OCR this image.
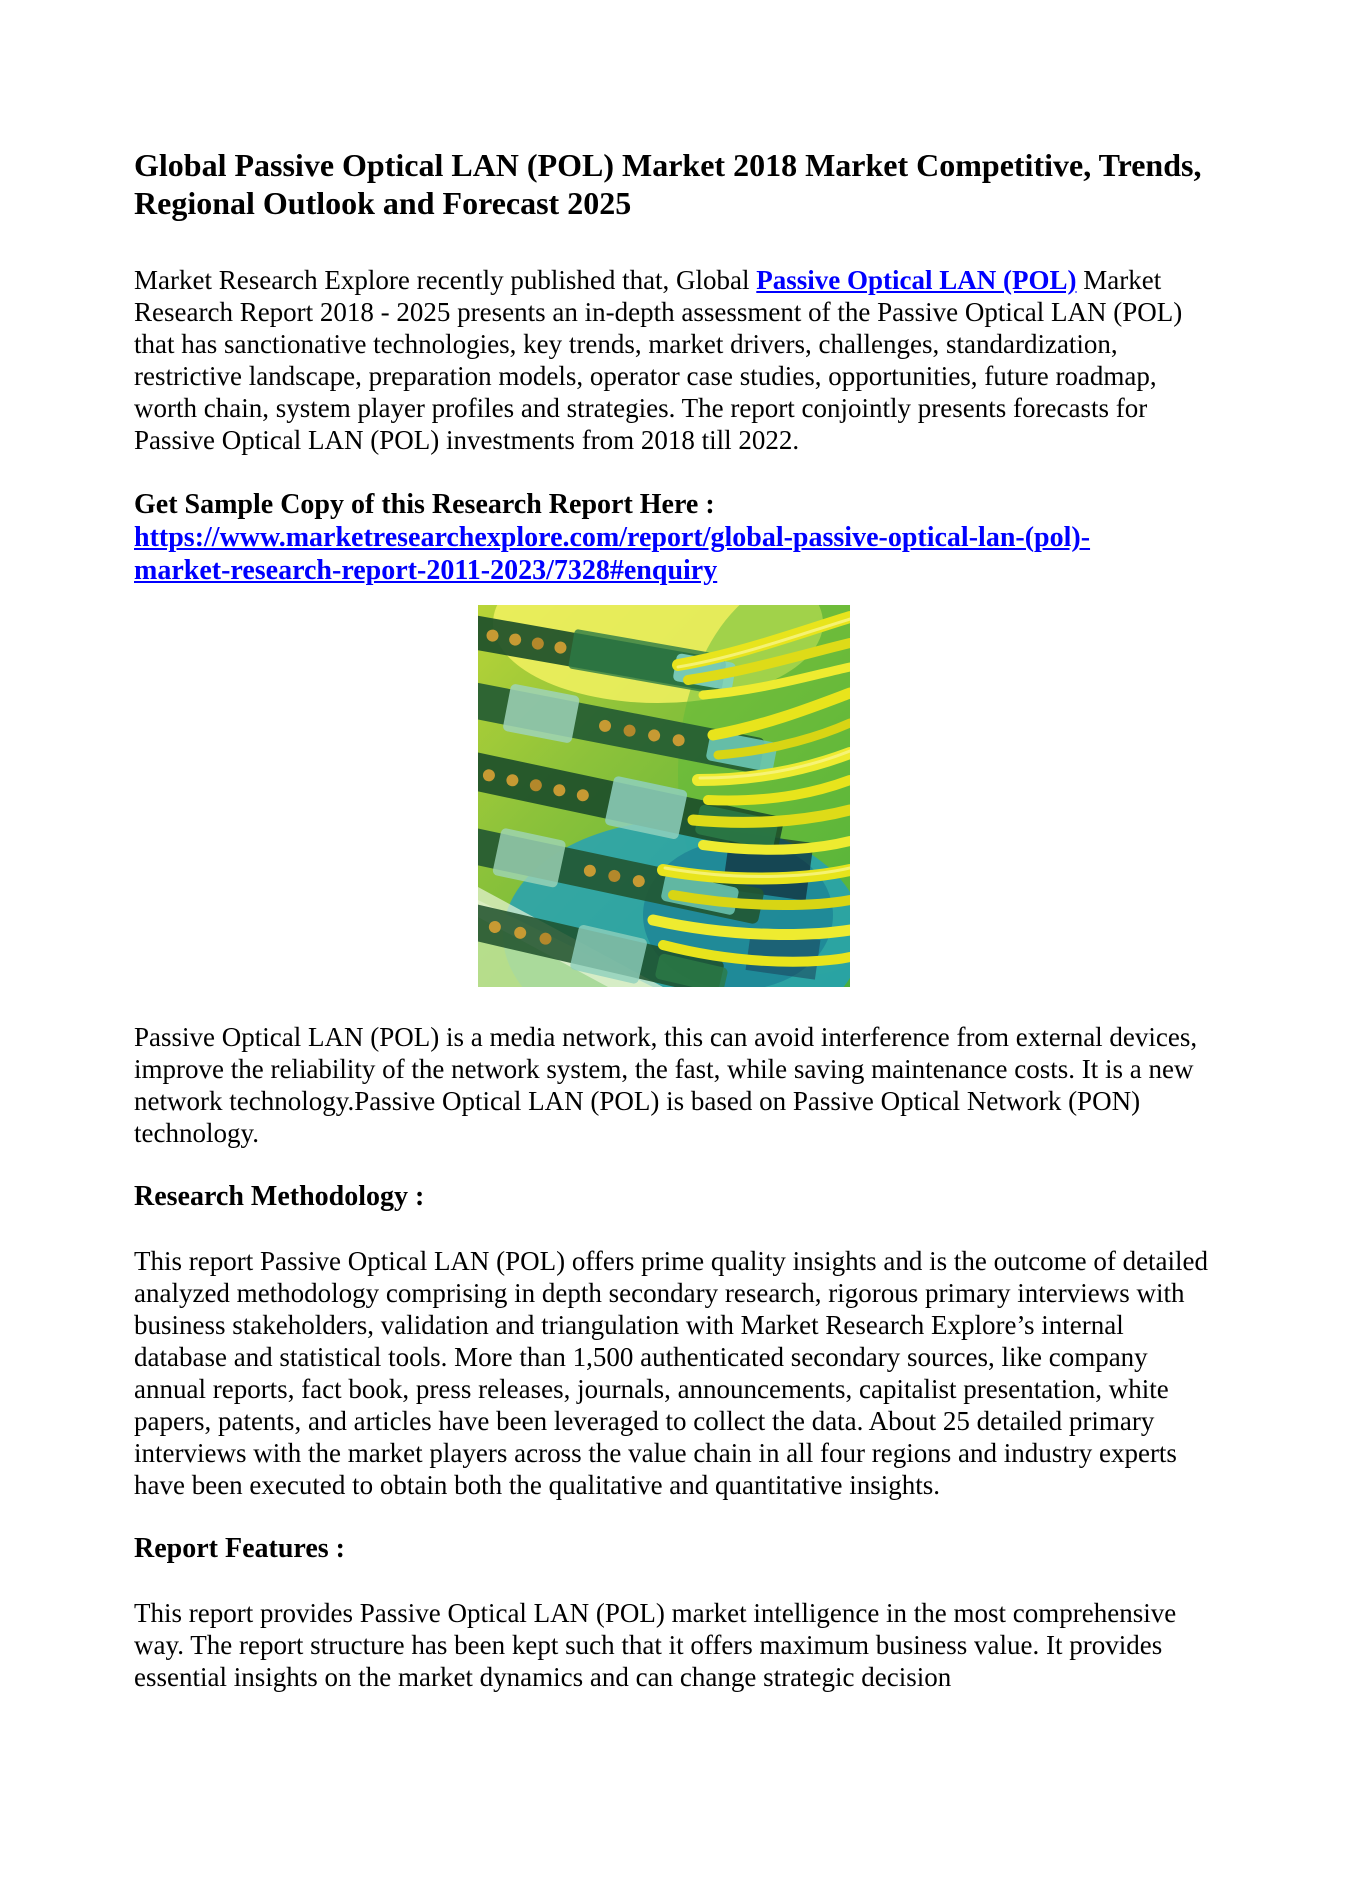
Global Passive Optical LAN (POL) Market 2018 Market Competitive, Trends, Regional Outlook and Forecast 2025

Market Research Explore recently published that, Global Passive Optical LAN (POL) Market Research Report 2018 - 2025 presents an in-depth assessment of the Passive Optical LAN (POL) that has sanctionative technologies, key trends, market drivers, challenges, standardization, restrictive landscape, preparation models, operator case studies, opportunities, future roadmap, worth chain, system player profiles and strategies. The report conjointly presents forecasts for Passive Optical LAN (POL) investments from 2018 till 2022.

Get Sample Copy of this Research Report Here :

https://www.marketresearchexplore.com/report/global-passive-optical-lan-(pol)-
market-research-report-2011-2023/7328#enquiry

Passive Optical LAN (POL) is a media network, this can avoid interference from external devices, improve the reliability of the network system, the fast, while saving maintenance costs. It is a new network technology.Passive Optical LAN (POL) is based on Passive Optical Network (PON) technology.

Research Methodology :

This report Passive Optical LAN (POL) offers prime quality insights and is the outcome of detailed analyzed methodology comprising in depth secondary research, rigorous primary interviews with business stakeholders, validation and triangulation with Market Research Explore’s internal database and statistical tools. More than 1,500 authenticated secondary sources, like company annual reports, fact book, press releases, journals, announcements, capitalist presentation, white papers, patents, and articles have been leveraged to collect the data. About 25 detailed primary interviews with the market players across the value chain in all four regions and industry experts have been executed to obtain both the qualitative and quantitative insights.

Report Features :

This report provides Passive Optical LAN (POL) market intelligence in the most comprehensive way. The report structure has been kept such that it offers maximum business value. It provides essential insights on the market dynamics and can change strategic decision
